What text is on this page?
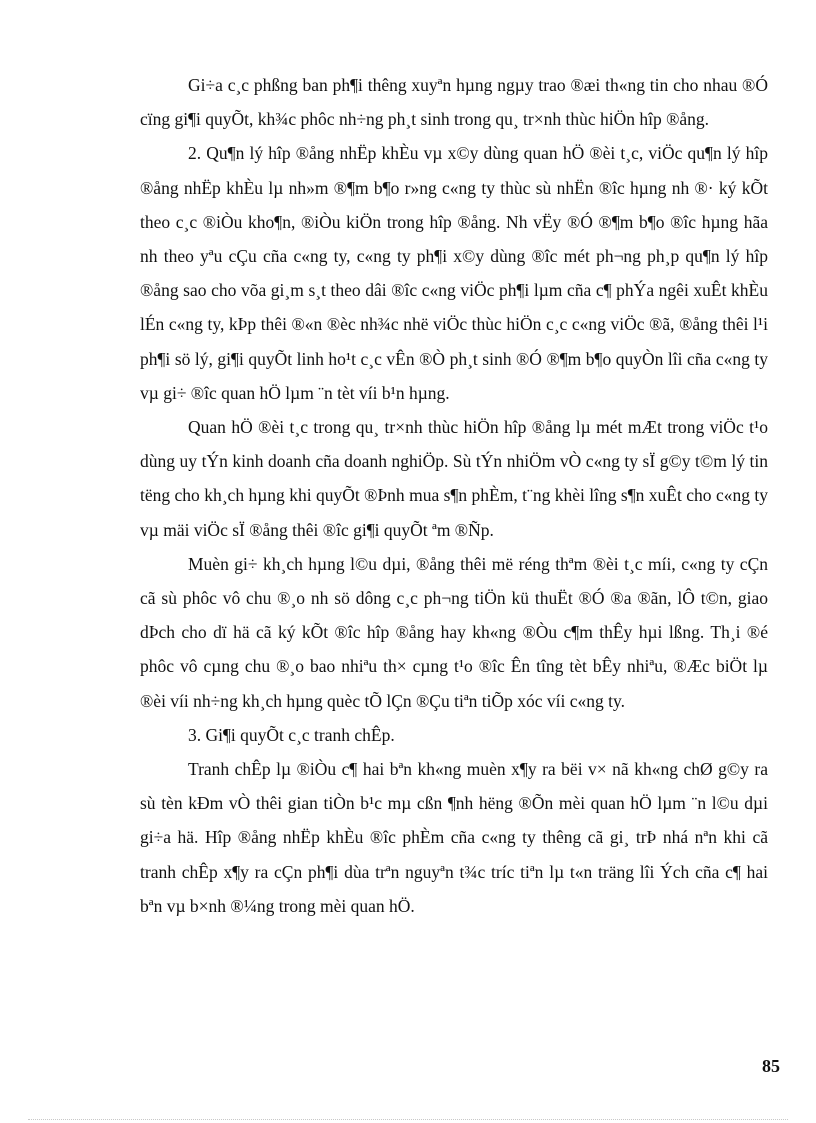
Gi÷a c¸c phßng ban ph¶i thêng xuyªn hµng ngµy trao ®æi th«ng tin cho nhau ®Ó cïng gi¶i quyÕt, kh¾c phôc nh÷ng ph¸t sinh trong qu¸ tr×nh thùc hiÖn hîp ®ång.

2. Qu¶n lý hîp ®ång nhËp khÈu vµ x©y dùng quan hÖ ®èi t¸c, viÖc qu¶n lý hîp ®ång nhËp khÈu lµ nh»m ®¶m b¶o r»ng c«ng ty thùc sù nhËn ®îc hµng nh ®· ký kÕt theo c¸c ®iÒu kho¶n, ®iÒu kiÖn trong hîp ®ång. Nh vËy ®Ó ®¶m b¶o ®îc hµng hãa nh theo yªu cÇu cña c«ng ty, c«ng ty ph¶i x©y dùng ®îc mét ph¬ng ph¸p qu¶n lý hîp ®ång sao cho võa gi¸m s¸t theo dâi ®îc c«ng viÖc ph¶i lµm cña c¶ phÝa ngêi xuÊt khÈu lÉn c«ng ty, kÞp thêi ®«n ®èc nh¾c nhë viÖc thùc hiÖn c¸c c«ng viÖc ®ã, ®ång thêi l¹i ph¶i sö lý, gi¶i quyÕt linh ho¹t c¸c vÊn ®Ò ph¸t sinh ®Ó ®¶m b¶o quyÒn lîi cña c«ng ty vµ gi÷ ®îc quan hÖ lµm ¨n tèt víi b¹n hµng.

Quan hÖ ®èi t¸c trong qu¸ tr×nh thùc hiÖn hîp ®ång lµ mét mÆt trong viÖc t¹o dùng uy tÝn kinh doanh cña doanh nghiÖp. Sù tÝn nhiÖm vÒ c«ng ty sÏ g©y t©m lý tin tëng cho kh¸ch hµng khi quyÕt ®Þnh mua s¶n phÈm, t¨ng khèi lîng s¶n xuÊt cho c«ng ty vµ mäi viÖc sÏ ®ång thêi ®îc gi¶i quyÕt ªm ®Ñp.

Muèn gi÷ kh¸ch hµng l©u dµi, ®ång thêi më réng thªm ®èi t¸c míi, c«ng ty cÇn cã sù phôc vô chu ®¸o nh sö dông c¸c ph¬ng tiÖn kü thuËt ®Ó ®a ®ãn, lÔ t©n, giao dÞch cho dï hä cã ký kÕt ®îc hîp ®ång hay kh«ng ®Òu c¶m thÊy hµi lßng. Th¸i ®é phôc vô cµng chu ®¸o bao nhiªu th× cµng t¹o ®îc Ên tîng tèt bÊy nhiªu, ®Æc biÖt lµ ®èi víi nh÷ng kh¸ch hµng quèc tÕ lÇn ®Çu tiªn tiÕp xóc víi c«ng ty.

3. Gi¶i quyÕt c¸c tranh chÊp.

Tranh chÊp lµ ®iÒu c¶ hai bªn kh«ng muèn x¶y ra bëi v× nã kh«ng chØ g©y ra sù tèn kÐm vÒ thêi gian tiÒn b¹c mµ cßn ¶nh hëng ®Õn mèi quan hÖ lµm ¨n l©u dµi gi÷a hä. Hîp ®ång nhËp khÈu ®îc phÈm cña c«ng ty thêng cã gi¸ trÞ nhá nªn khi cã tranh chÊp x¶y ra cÇn ph¶i dùa trªn nguyªn t¾c tríc tiªn lµ t«n träng lîi Ých cña c¶ hai bªn vµ b×nh ®¼ng trong mèi quan hÖ.

85
